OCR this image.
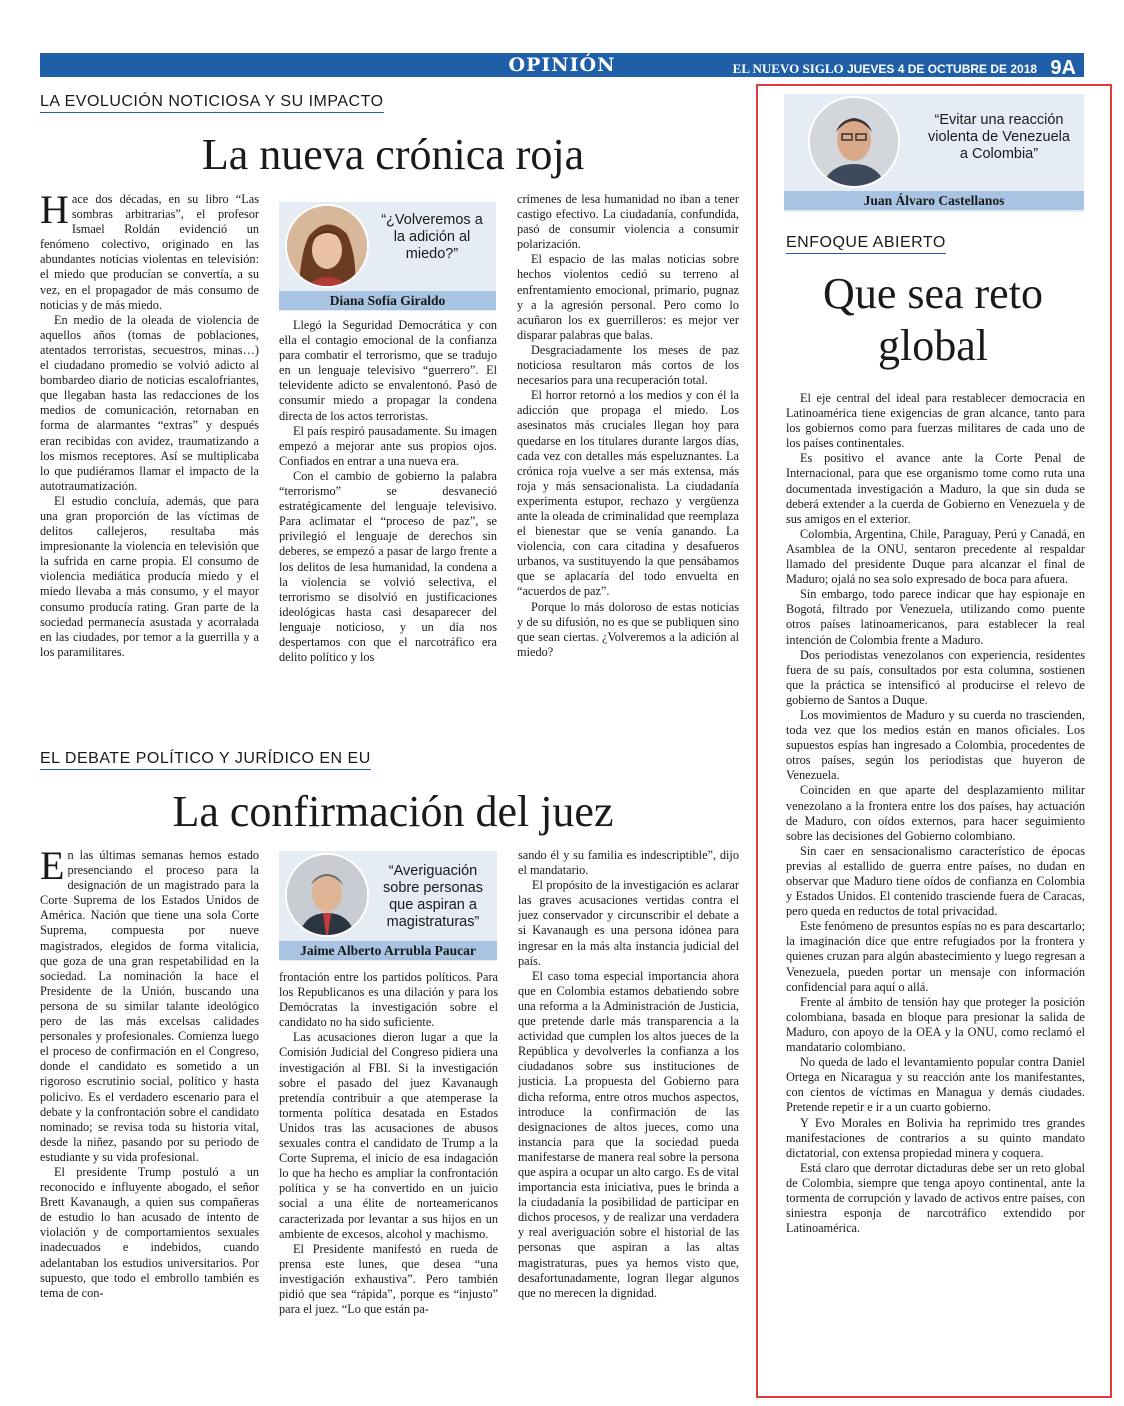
OPINIÓN	EL NUEVO SIGLO JUEVES 4 DE OCTUBRE DE 2018 9A
LA EVOLUCIÓN NOTICIOSA Y SU IMPACTO
La nueva crónica roja

Hace dos décadas, en su libro “Las sombras arbitrarias”, el profesor Ismael Roldán evidenció un fenómeno colectivo, originado en las abundantes noticias violentas en televisión: el miedo que producían se convertía, a su vez, en el propagador de más consumo de noticias y de más miedo.

En medio de la oleada de violencia de aquellos años (tomas de poblaciones, atentados terroristas, secuestros, minas…) el ciudadano promedio se volvió adicto al bombardeo diario de noticias escalofriantes, que llegaban hasta las redacciones de los medios de comunicación, retornaban en forma de alarmantes “extras” y después eran recibidas con avidez, traumatizando a los mismos receptores. Así se multiplicaba lo que pudiéramos llamar el impacto de la autotraumatización.

El estudio concluía, además, que para una gran proporción de las víctimas de delitos callejeros, resultaba más impresionante la violencia en televisión que la sufrida en carne propia. El consumo de violencia mediática producía miedo y el miedo llevaba a más consumo, y el mayor consumo producía rating. Gran parte de la sociedad permanecía asustada y acorralada en las ciudades, por temor a la guerrilla y a los paramilitares.

“¿Volveremos a la adición al miedo?”
Diana Sofía Giraldo

Llegó la Seguridad Democrática y con ella el contagio emocional de la confianza para combatir el terrorismo, que se tradujo en un lenguaje televisivo “guerrero”. El televidente adicto se envalentonó. Pasó de consumir miedo a propagar la condena directa de los actos terroristas.

El país respiró pausadamente. Su imagen empezó a mejorar ante sus propios ojos. Confiados en entrar a una nueva era.

Con el cambio de gobierno la palabra “terrorismo” se desvaneció estratégicamente del lenguaje televisivo. Para aclimatar el “proceso de paz”, se privilegió el lenguaje de derechos sin deberes, se empezó a pasar de largo frente a los delitos de lesa humanidad, la condena a la violencia se volvió selectiva, el terrorismo se disolvió en justificaciones ideológicas hasta casi desaparecer del lenguaje noticioso, y un día nos despertamos con que el narcotráfico era delito político y los

crímenes de lesa humanidad no iban a tener castigo efectivo. La ciudadanía, confundida, pasó de consumir violencia a consumir polarización.

El espacio de las malas noticias sobre hechos violentos cedió su terreno al enfrentamiento emocional, primario, pugnaz y a la agresión personal. Pero como lo acuñaron los ex guerrilleros: es mejor ver disparar palabras que balas.

Desgraciadamente los meses de paz noticiosa resultaron más cortos de los necesarios para una recuperación total.

El horror retornó a los medios y con él la adicción que propaga el miedo. Los asesinatos más cruciales llegan hoy para quedarse en los titulares durante largos días, cada vez con detalles más espeluznantes. La crónica roja vuelve a ser más extensa, más roja y más sensacionalista. La ciudadanía experimenta estupor, rechazo y vergüenza ante la oleada de criminalidad que reemplaza el bienestar que se venía ganando. La violencia, con cara citadina y desafueros urbanos, va sustituyendo la que pensábamos que se aplacaría del todo envuelta en “acuerdos de paz”.

Porque lo más doloroso de estas noticias y de su difusión, no es que se publiquen sino que sean ciertas. ¿Volveremos a la adición al miedo?

EL DEBATE POLÍTICO Y JURÍDICO EN EU
La confirmación del juez

En las últimas semanas hemos estado presenciando el proceso para la designación de un magistrado para la Corte Suprema de los Estados Unidos de América. Nación que tiene una sola Corte Suprema, compuesta por nueve magistrados, elegidos de forma vitalicia, que goza de una gran respetabilidad en la sociedad. La nominación la hace el Presidente de la Unión, buscando una persona de su similar talante ideológico pero de las más excelsas calidades personales y profesionales. Comienza luego el proceso de confirmación en el Congreso, donde el candidato es sometido a un rigoroso escrutinio social, político y hasta policivo. Es el verdadero escenario para el debate y la confrontación sobre el candidato nominado; se revisa toda su historia vital, desde la niñez, pasando por su periodo de estudiante y su vida profesional.

El presidente Trump postuló a un reconocido e influyente abogado, el señor Brett Kavanaugh, a quien sus compañeras de estudio lo han acusado de intento de violación y de comportamientos sexuales inadecuados e indebidos, cuando adelantaban los estudios universitarios. Por supuesto, que todo el embrollo también es tema de con-

“Averiguación sobre personas que aspiran a magistraturas”
Jaime Alberto Arrubla Paucar

frontación entre los partidos políticos. Para los Republicanos es una dilación y para los Demócratas la investigación sobre el candidato no ha sido suficiente.

Las acusaciones dieron lugar a que la Comisión Judicial del Congreso pidiera una investigación al FBI. Si la investigación sobre el pasado del juez Kavanaugh pretendía contribuir a que atemperase la tormenta política desatada en Estados Unidos tras las acusaciones de abusos sexuales contra el candidato de Trump a la Corte Suprema, el inicio de esa indagación lo que ha hecho es ampliar la confrontación política y se ha convertido en un juicio social a una élite de norteamericanos caracterizada por levantar a sus hijos en un ambiente de excesos, alcohol y machismo.

El Presidente manifestó en rueda de prensa este lunes, que desea “una investigación exhaustiva”. Pero también pidió que sea “rápida”, porque es “injusto” para el juez. “Lo que están pa-

sando él y su familia es indescriptible”, dijo el mandatario.

El propósito de la investigación es aclarar las graves acusaciones vertidas contra el juez conservador y circunscribir el debate a si Kavanaugh es una persona idónea para ingresar en la más alta instancia judicial del país.

El caso toma especial importancia ahora que en Colombia estamos debatiendo sobre una reforma a la Administración de Justicia, que pretende darle más transparencia a la actividad que cumplen los altos jueces de la República y devolverles la confianza a los ciudadanos sobre sus instituciones de justicia. La propuesta del Gobierno para dicha reforma, entre otros muchos aspectos, introduce la confirmación de las designaciones de altos jueces, como una instancia para que la sociedad pueda manifestarse de manera real sobre la persona que aspira a ocupar un alto cargo. Es de vital importancia esta iniciativa, pues le brinda a la ciudadanía la posibilidad de participar en dichos procesos, y de realizar una verdadera y real averiguación sobre el historial de las personas que aspiran a las altas magistraturas, pues ya hemos visto que, desafortunadamente, logran llegar algunos que no merecen la dignidad.

“Evitar una reacción violenta de Venezuela a Colombia”
Juan Álvaro Castellanos
ENFOQUE ABIERTO
Que sea reto
global

El eje central del ideal para restablecer democracia en Latinoamérica tiene exigencias de gran alcance, tanto para los gobiernos como para fuerzas militares de cada uno de los países continentales.

Es positivo el avance ante la Corte Penal de Internacional, para que ese organismo tome como ruta una documentada investigación a Maduro, la que sin duda se deberá extender a la cuerda de Gobierno en Venezuela y de sus amigos en el exterior.

Colombia, Argentina, Chile, Paraguay, Perú y Canadá, en Asamblea de la ONU, sentaron precedente al respaldar llamado del presidente Duque para alcanzar el final de Maduro; ojalá no sea solo expresado de boca para afuera.

Sin embargo, todo parece indicar que hay espionaje en Bogotá, filtrado por Venezuela, utilizando como puente otros países latinoamericanos, para establecer la real intención de Colombia frente a Maduro.

Dos periodistas venezolanos con experiencia, residentes fuera de su país, consultados por esta columna, sostienen que la práctica se intensificó al producirse el relevo de gobierno de Santos a Duque.

Los movimientos de Maduro y su cuerda no trascienden, toda vez que los medios están en manos oficiales. Los supuestos espías han ingresado a Colombia, procedentes de otros países, según los periodistas que huyeron de Venezuela.

Coinciden en que aparte del desplazamiento militar venezolano a la frontera entre los dos países, hay actuación de Maduro, con oídos externos, para hacer seguimiento sobre las decisiones del Gobierno colombiano.

Sin caer en sensacionalismo característico de épocas previas al estallido de guerra entre países, no dudan en observar que Maduro tiene oídos de confianza en Colombia y Estados Unidos. El contenido trasciende fuera de Caracas, pero queda en reductos de total privacidad.

Este fenómeno de presuntos espías no es para descartarlo; la imaginación dice que entre refugiados por la frontera y quienes cruzan para algún abastecimiento y luego regresan a Venezuela, pueden portar un mensaje con información confidencial para aquí o allá.

Frente al ámbito de tensión hay que proteger la posición colombiana, basada en bloque para presionar la salida de Maduro, con apoyo de la OEA y la ONU, como reclamó el mandatario colombiano.

No queda de lado el levantamiento popular contra Daniel Ortega en Nicaragua y su reacción ante los manifestantes, con cientos de víctimas en Managua y demás ciudades. Pretende repetir e ir a un cuarto gobierno.

Y Evo Morales en Bolivia ha reprimido tres grandes manifestaciones de contrarios a su quinto mandato dictatorial, con extensa propiedad minera y coquera.

Está claro que derrotar dictaduras debe ser un reto global de Colombia, siempre que tenga apoyo continental, ante la tormenta de corrupción y lavado de activos entre países, con siniestra esponja de narcotráfico extendido por Latinoamérica.
